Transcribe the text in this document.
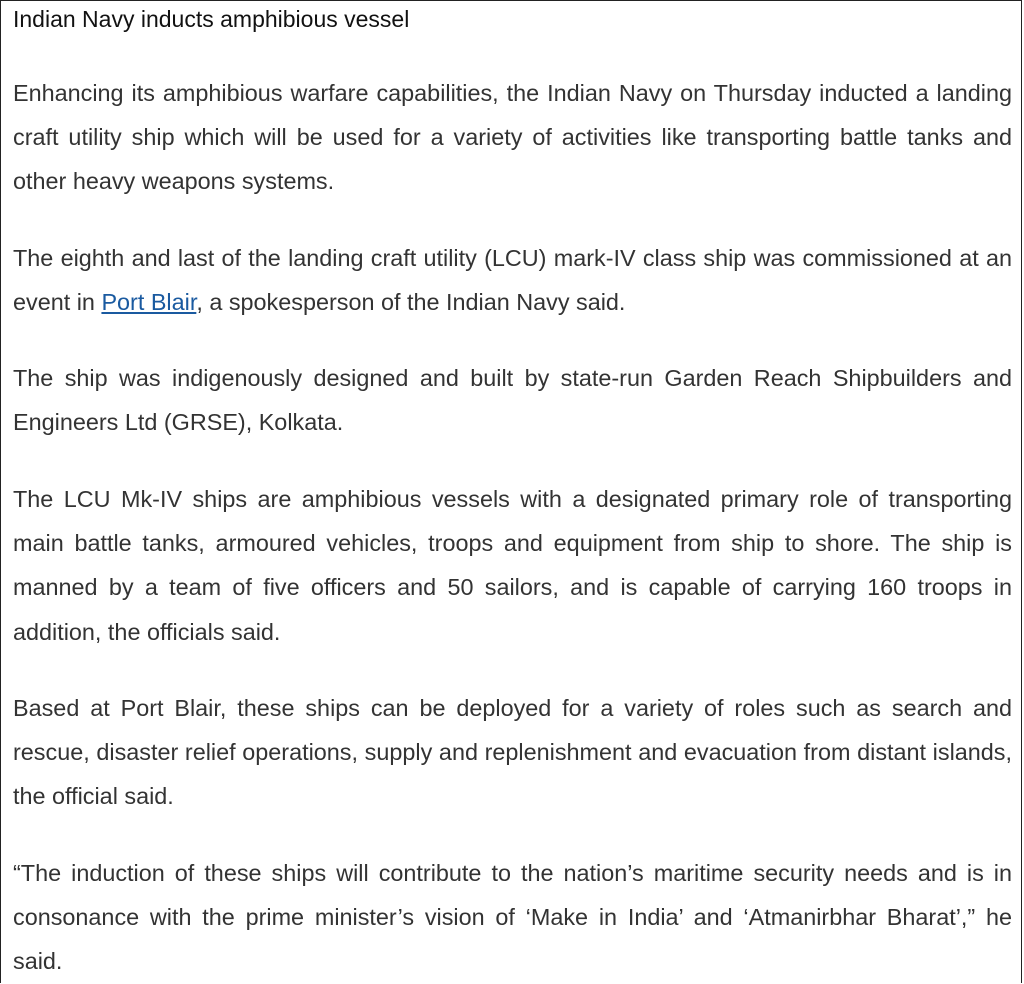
Indian Navy inducts amphibious vessel

Enhancing its amphibious warfare capabilities, the Indian Navy on Thursday inducted a landing craft utility ship which will be used for a variety of activities like transporting battle tanks and other heavy weapons systems.

The eighth and last of the landing craft utility (LCU) mark-IV class ship was commissioned at an event in Port Blair, a spokesperson of the Indian Navy said.

The ship was indigenously designed and built by state-run Garden Reach Shipbuilders and Engineers Ltd (GRSE), Kolkata.

The LCU Mk-IV ships are amphibious vessels with a designated primary role of transporting main battle tanks, armoured vehicles, troops and equipment from ship to shore. The ship is manned by a team of five officers and 50 sailors, and is capable of carrying 160 troops in addition, the officials said.

Based at Port Blair, these ships can be deployed for a variety of roles such as search and rescue, disaster relief operations, supply and replenishment and evacuation from distant islands, the official said.

“The induction of these ships will contribute to the nation’s maritime security needs and is in consonance with the prime minister’s vision of ‘Make in India’ and ‘Atmanirbhar Bharat’,” he said.
